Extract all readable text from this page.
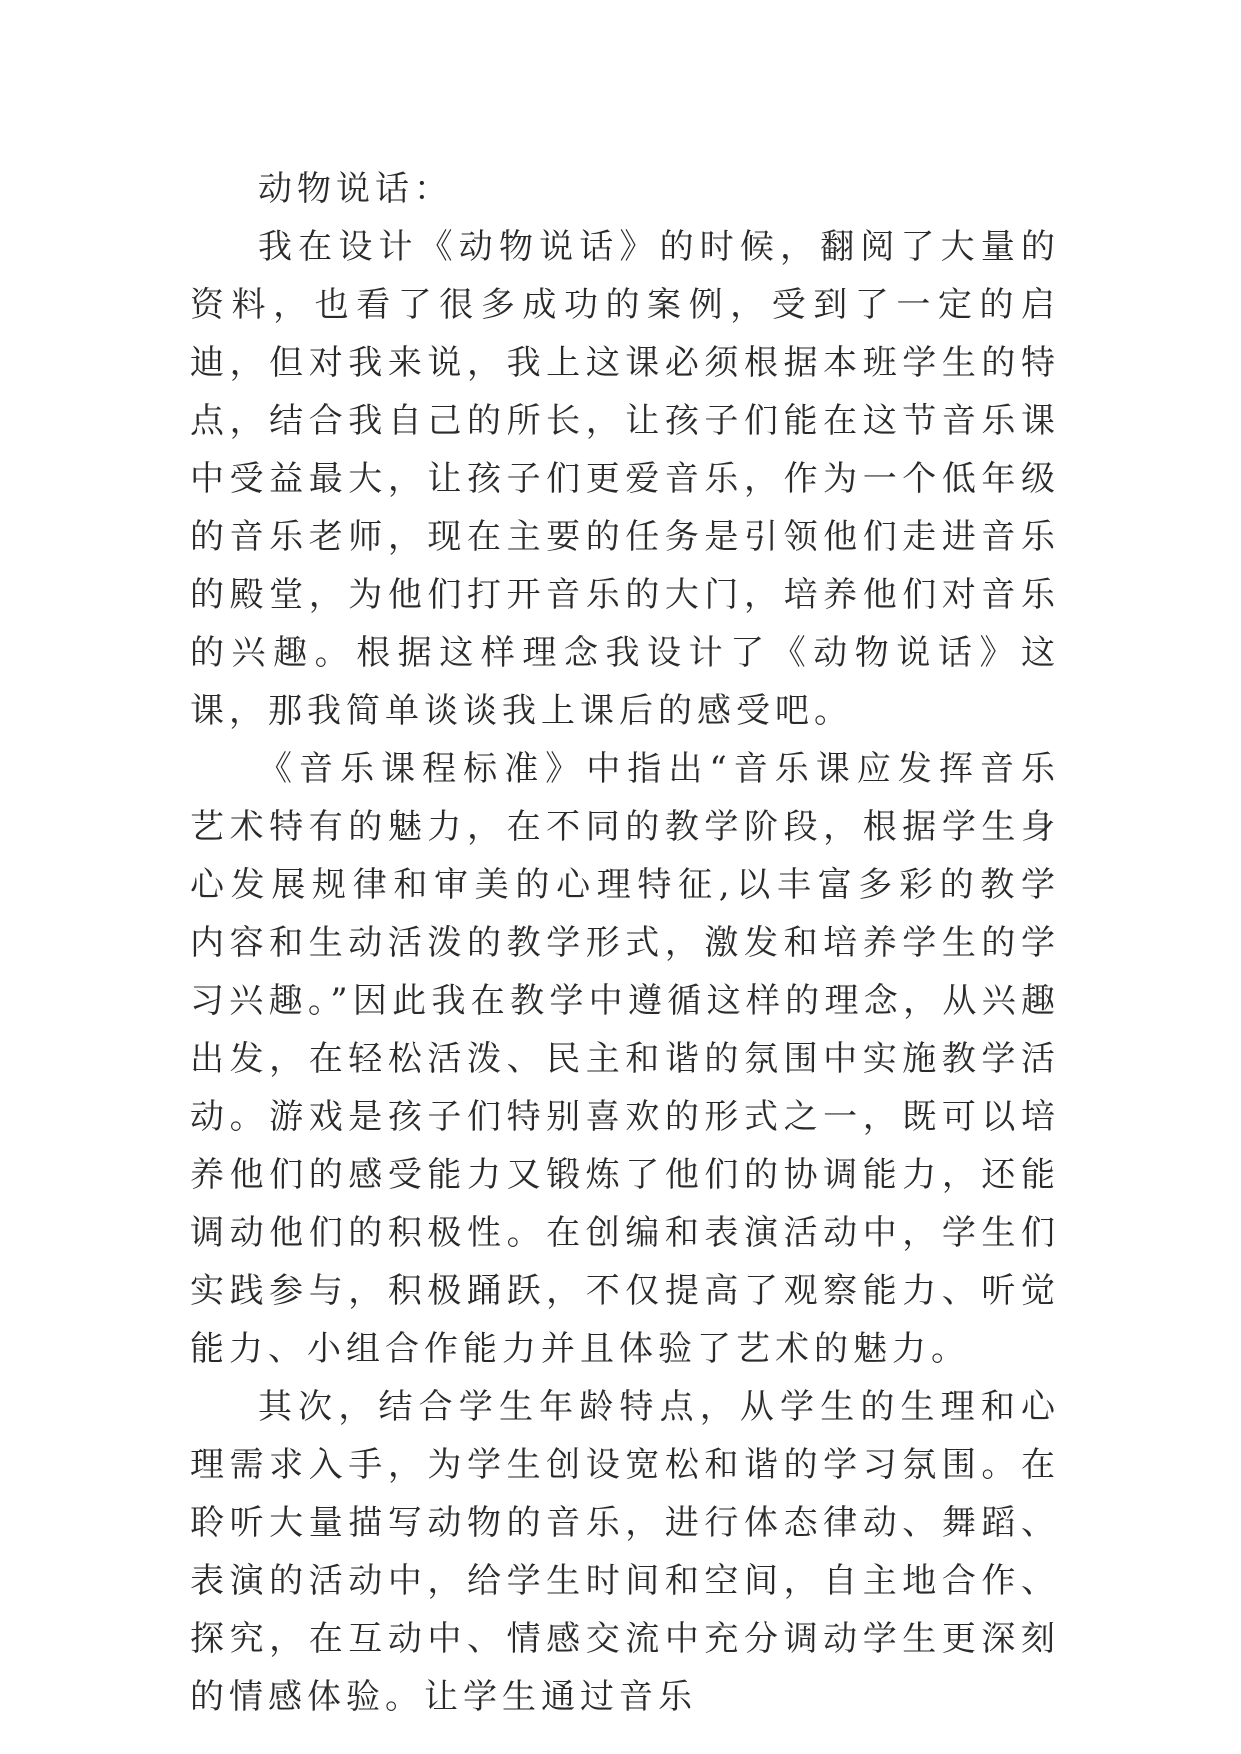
动物说话：

我在设计《动物说话》的时候，翻阅了大量的资料，也看了很多成功的案例，受到了一定的启迪，但对我来说，我上这课必须根据本班学生的特点，结合我自己的所长，让孩子们能在这节音乐课中受益最大，让孩子们更爱音乐，作为一个低年级的音乐老师，现在主要的任务是引领他们走进音乐的殿堂，为他们打开音乐的大门，培养他们对音乐的兴趣。根据这样理念我设计了《动物说话》这课，那我简单谈谈我上课后的感受吧。

《音乐课程标准》中指出“音乐课应发挥音乐艺术特有的魅力，在不同的教学阶段，根据学生身心发展规律和审美的心理特征,以丰富多彩的教学内容和生动活泼的教学形式，激发和培养学生的学习兴趣。”因此我在教学中遵循这样的理念，从兴趣出发，在轻松活泼、民主和谐的氛围中实施教学活动。游戏是孩子们特别喜欢的形式之一，既可以培养他们的感受能力又锻炼了他们的协调能力，还能调动他们的积极性。在创编和表演活动中，学生们实践参与，积极踊跃，不仅提高了观察能力、听觉能力、小组合作能力并且体验了艺术的魅力。

其次，结合学生年龄特点，从学生的生理和心理需求入手，为学生创设宽松和谐的学习氛围。在聆听大量描写动物的音乐，进行体态律动、舞蹈、表演的活动中，给学生时间和空间，自主地合作、探究，在互动中、情感交流中充分调动学生更深刻的情感体验。让学生通过音乐
